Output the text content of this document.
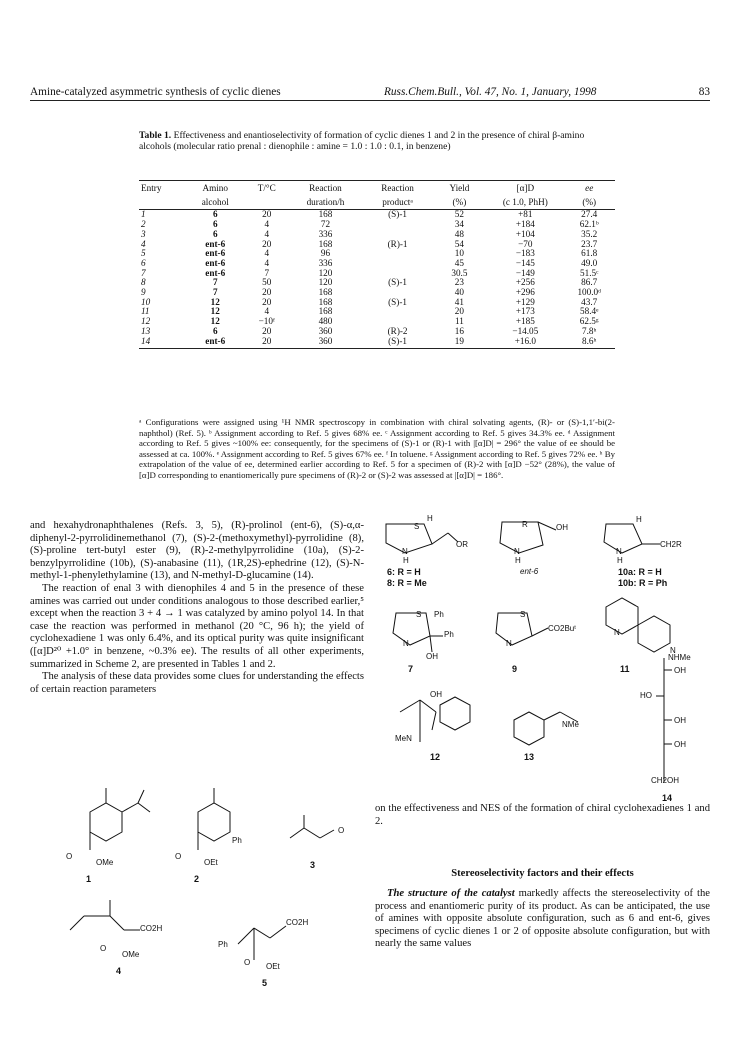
Amine-catalyzed asymmetric synthesis of cyclic dienes	Russ.Chem.Bull., Vol. 47, No. 1, January, 1998	83
Table 1. Effectiveness and enantioselectivity of formation of cyclic dienes 1 and 2 in the presence of chiral β-amino alcohols (molecular ratio prenal : dienophile : amine = 1.0 : 1.0 : 0.1, in benzene)
Entry	Amino	T/°C	Reaction	Reaction	Yield	[α]D	ee
	alcohol		duration/h	productᵃ	(%)	(c 1.0, PhH)	(%)
1	6	20	168	(S)-1	52	+81	27.4
2	6	4	72		34	+184	62.1ᵇ
3	6	4	336		48	+104	35.2
4	ent-6	20	168	(R)-1	54	−70	23.7
5	ent-6	4	96		10	−183	61.8
6	ent-6	4	336		45	−145	49.0
7	ent-6	7	120		30.5	−149	51.5ᶜ
8	7	50	120	(S)-1	23	+256	86.7
9	7	20	168		40	+296	100.0ᵈ
10	12	20	168	(S)-1	41	+129	43.7
11	12	4	168		20	+173	58.4ᵉ
12	12	−10ᶠ	480		11	+185	62.5ᵍ
13	6	20	360	(R)-2	16	−14.05	7.8ʰ
14	ent-6	20	360	(S)-1	19	+16.0	8.6ʰ
ᵃ Configurations were assigned using ¹H NMR spectroscopy in combination with chiral solvating agents, (R)- or (S)-1,1′-bi(2-naphthol) (Ref. 5). ᵇ Assignment according to Ref. 5 gives 68% ee. ᶜ Assignment according to Ref. 5 gives 34.3% ee. ᵈ Assignment according to Ref. 5 gives ~100% ee: consequently, for the specimens of (S)-1 or (R)-1 with |[α]D| = 296° the value of ee should be assessed at ca. 100%. ᵉ Assignment according to Ref. 5 gives 67% ee. ᶠ In toluene. ᵍ Assignment according to Ref. 5 gives 72% ee. ʰ By extrapolation of the value of ee, determined earlier according to Ref. 5 for a specimen of (R)-2 with [α]D −52° (28%), the value of [α]D corresponding to enantiomerically pure specimens of (R)-2 or (S)-2 was assessed at |[α]D| = 186°.
S
H
OR
N
H
6: R = H
8: R = Me
R	OH
N
H
ent-6
H
CH2R
N
H
10a: R = H
10b: R = Ph
S Ph
Ph
N
OH
7
S
CO2Buᵗ
N
9
N
N
11
NHMe
OH
HO
OH
OH
CH2OH
14
OH
MeN
12
NMe
13
O
OMe
1
Ph
O
OEt
2
O
3
CO2H
O
OMe
4
Ph
CO2H
O OEt
5

and hexahydronaphthalenes (Refs. 3, 5), (R)-prolinol (ent-6), (S)-α,α-diphenyl-2-pyrrolidinemethanol (7), (S)-2-(methoxymethyl)-pyrrolidine (8), (S)-proline tert-butyl ester (9), (R)-2-methylpyrrolidine (10a), (S)-2-benzylpyrrolidine (10b), (S)-anabasine (11), (1R,2S)-ephedrine (12), (S)-N-methyl-1-phenylethylamine (13), and N-methyl-D-glucamine (14).

The reaction of enal 3 with dienophiles 4 and 5 in the presence of these amines was carried out under conditions analogous to those described earlier,⁵ except when the reaction 3 + 4 → 1 was catalyzed by amino polyol 14. In that case the reaction was performed in methanol (20 °C, 96 h); the yield of cyclohexadiene 1 was only 6.4%, and its optical purity was quite insignificant ([α]D²⁰ +1.0° in benzene, ~0.3% ee). The results of all other experiments, summarized in Scheme 2, are presented in Tables 1 and 2.

The analysis of these data provides some clues for understanding the effects of certain reaction parameters

on the effectiveness and NES of the formation of chiral cyclohexadienes 1 and 2.

Stereoselectivity factors and their effects

The structure of the catalyst markedly affects the stereoselectivity of the process and enantiomeric purity of its product. As can be anticipated, the use of amines with opposite absolute configuration, such as 6 and ent-6, gives specimens of cyclic dienes 1 or 2 of opposite absolute configuration, but with nearly the same values
